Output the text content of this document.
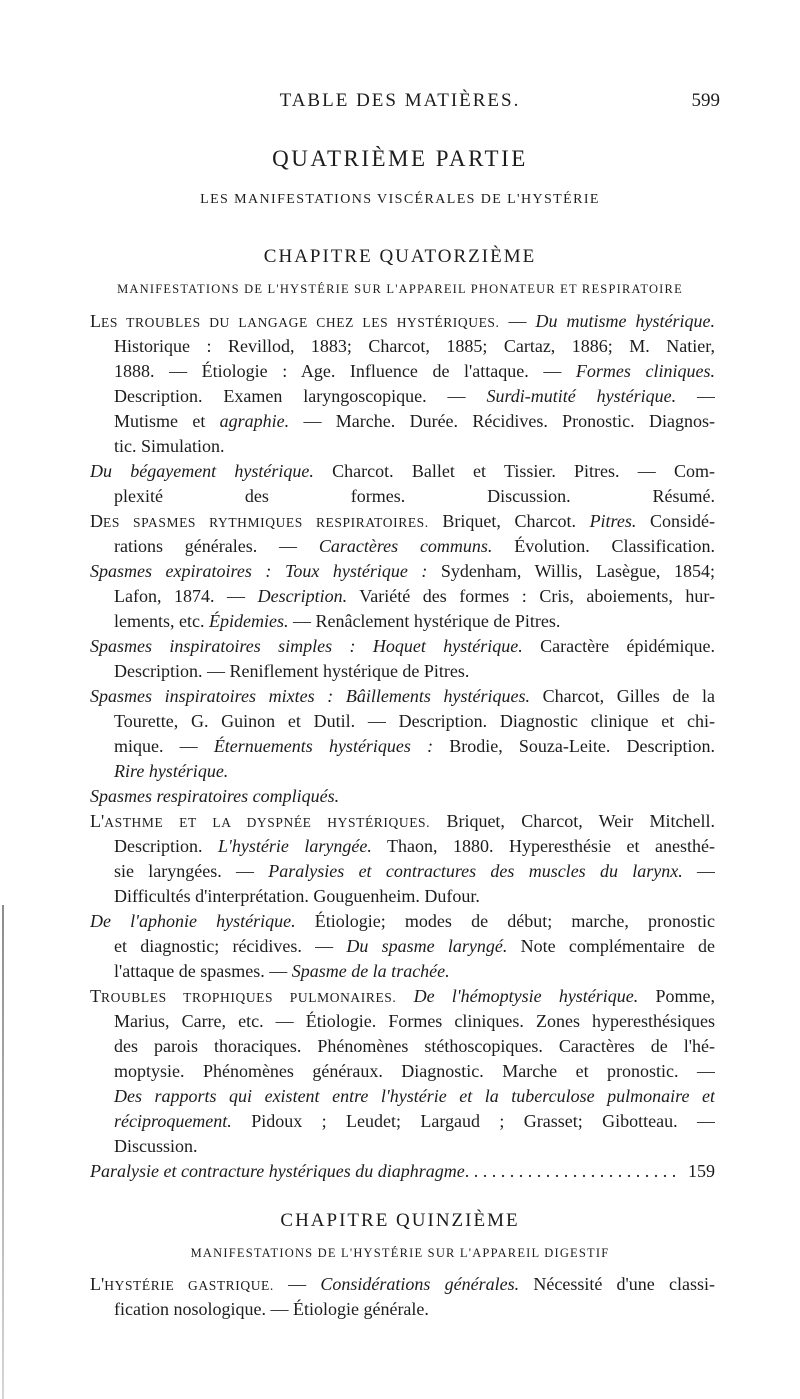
TABLE DES MATIÈRES.	599
QUATRIÈME PARTIE
LES MANIFESTATIONS VISCÉRALES DE L'HYSTÉRIE
CHAPITRE QUATORZIÈME
MANIFESTATIONS DE L'HYSTÉRIE SUR L'APPAREIL PHONATEUR ET RESPIRATOIRE
LES TROUBLES DU LANGAGE CHEZ LES HYSTÉRIQUES. — Du mutisme hystérique.
Historique : Revillod, 1883; Charcot, 1885; Cartaz, 1886; M. Natier,
1888. — Étiologie : Age. Influence de l'attaque. — Formes cliniques.
Description. Examen laryngoscopique. — Surdi-mutité hystérique. —
Mutisme et agraphie. — Marche. Durée. Récidives. Pronostic. Diagnos-
tic. Simulation.
Du bégayement hystérique. Charcot. Ballet et Tissier. Pitres. — Com-
plexité des formes. Discussion. Résumé.
DES SPASMES RYTHMIQUES RESPIRATOIRES. Briquet, Charcot. Pitres. Considé-
rations générales. — Caractères communs. Évolution. Classification.
Spasmes expiratoires : Toux hystérique : Sydenham, Willis, Lasègue, 1854;
Lafon, 1874. — Description. Variété des formes : Cris, aboiements, hur-
lements, etc. Épidemies. — Renâclement hystérique de Pitres.
Spasmes inspiratoires simples : Hoquet hystérique. Caractère épidémique.
Description. — Reniflement hystérique de Pitres.
Spasmes inspiratoires mixtes : Bâillements hystériques. Charcot, Gilles de la
Tourette, G. Guinon et Dutil. — Description. Diagnostic clinique et chi-
mique. — Éternuements hystériques : Brodie, Souza-Leite. Description.
Rire hystérique.
Spasmes respiratoires compliqués.
L'ASTHME ET LA DYSPNÉE HYSTÉRIQUES. Briquet, Charcot, Weir Mitchell.
Description. L'hystérie laryngée. Thaon, 1880. Hyperesthésie et anesthé-
sie laryngées. — Paralysies et contractures des muscles du larynx. —
Difficultés d'interprétation. Gouguenheim. Dufour.
De l'aphonie hystérique. Étiologie; modes de début; marche, pronostic
et diagnostic; récidives. — Du spasme laryngé. Note complémentaire de
l'attaque de spasmes. — Spasme de la trachée.
TROUBLES TROPHIQUES PULMONAIRES. De l'hémoptysie hystérique. Pomme,
Marius, Carre, etc. — Étiologie. Formes cliniques. Zones hyperesthésiques
des parois thoraciques. Phénomènes stéthoscopiques. Caractères de l'hé-
moptysie. Phénomènes généraux. Diagnostic. Marche et pronostic. —
Des rapports qui existent entre l'hystérie et la tuberculose pulmonaire et
réciproquement. Pidoux ; Leudet; Largaud ; Grasset; Gibotteau. —
Discussion.
Paralysie et contracture hystériques du diaphragme
. . .	159
CHAPITRE QUINZIÈME
MANIFESTATIONS DE L'HYSTÉRIE SUR L'APPAREIL DIGESTIF
L'HYSTÉRIE GASTRIQUE. — Considérations générales. Nécessité d'une classi-
fication nosologique. — Étiologie générale.
